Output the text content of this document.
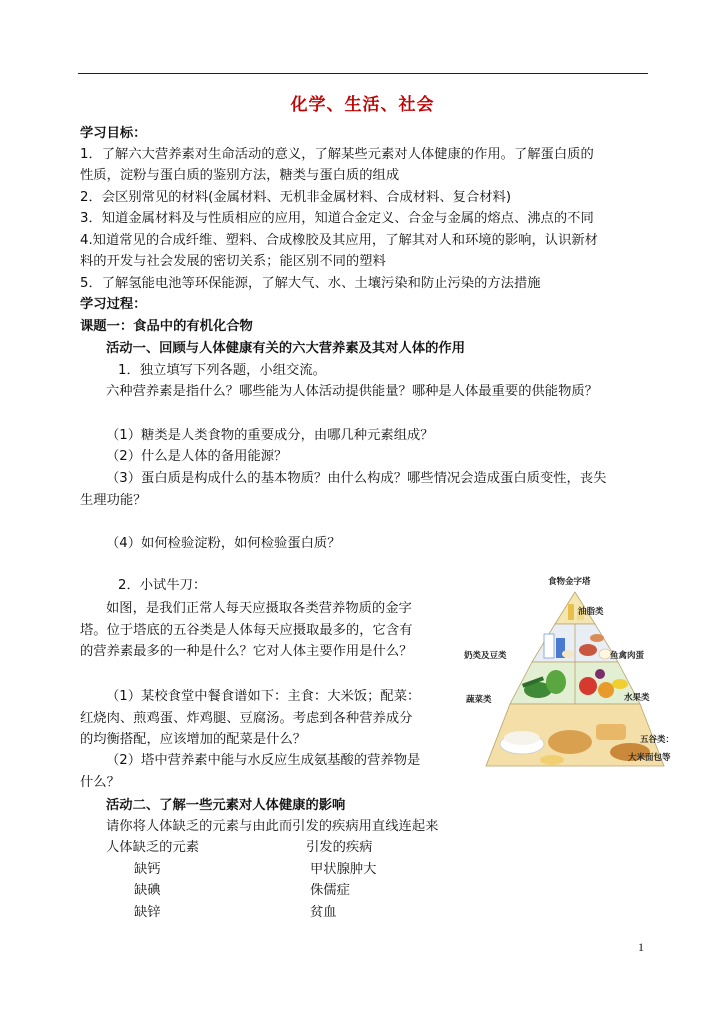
化学、生活、社会
学习目标：
1．了解六大营养素对生命活动的意义，了解某些元素对人体健康的作用。了解蛋白质的
性质，淀粉与蛋白质的鉴别方法，糖类与蛋白质的组成
2．会区别常见的材料(金属材料、无机非金属材料、合成材料、复合材料)
3．知道金属材料及与性质相应的应用，知道合金定义、合金与金属的熔点、沸点的不同
4.知道常见的合成纤维、塑料、合成橡胶及其应用，了解其对人和环境的影响，认识新材
料的开发与社会发展的密切关系；能区别不同的塑料
5．了解氢能电池等环保能源，了解大气、水、土壤污染和防止污染的方法措施
学习过程：
课题一：食品中的有机化合物
活动一、回顾与人体健康有关的六大营养素及其对人体的作用
1．独立填写下列各题，小组交流。
六种营养素是指什么？哪些能为人体活动提供能量？哪种是人体最重要的供能物质？
（1）糖类是人类食物的重要成分，由哪几种元素组成？
（2）什么是人体的备用能源？
（3）蛋白质是构成什么的基本物质？由什么构成？哪些情况会造成蛋白质变性，丧失
生理功能？
（4）如何检验淀粉，如何检验蛋白质？
2．小试牛刀：
如图，是我们正常人每天应摄取各类营养物质的金字
塔。位于塔底的五谷类是人体每天应摄取最多的，它含有
的营养素最多的一种是什么？它对人体主要作用是什么？
（1）某校食堂中餐食谱如下：主食：大米饭；配菜：
红烧肉、煎鸡蛋、炸鸡腿、豆腐汤。考虑到各种营养成分
的均衡搭配，应该增加的配菜是什么？
（2）塔中营养素中能与水反应生成氨基酸的营养物是
什么？
活动二、了解一些元素对人体健康的影响
请你将人体缺乏的元素与由此而引发的疾病用直线连起来
人体缺乏的元素	引发的疾病
缺钙	甲状腺肿大
缺碘	侏儒症
缺锌	贫血
1
食物金字塔
油脂类
奶类及豆类	鱼禽肉蛋
蔬菜类	水果类
五谷类：
大米面包等
